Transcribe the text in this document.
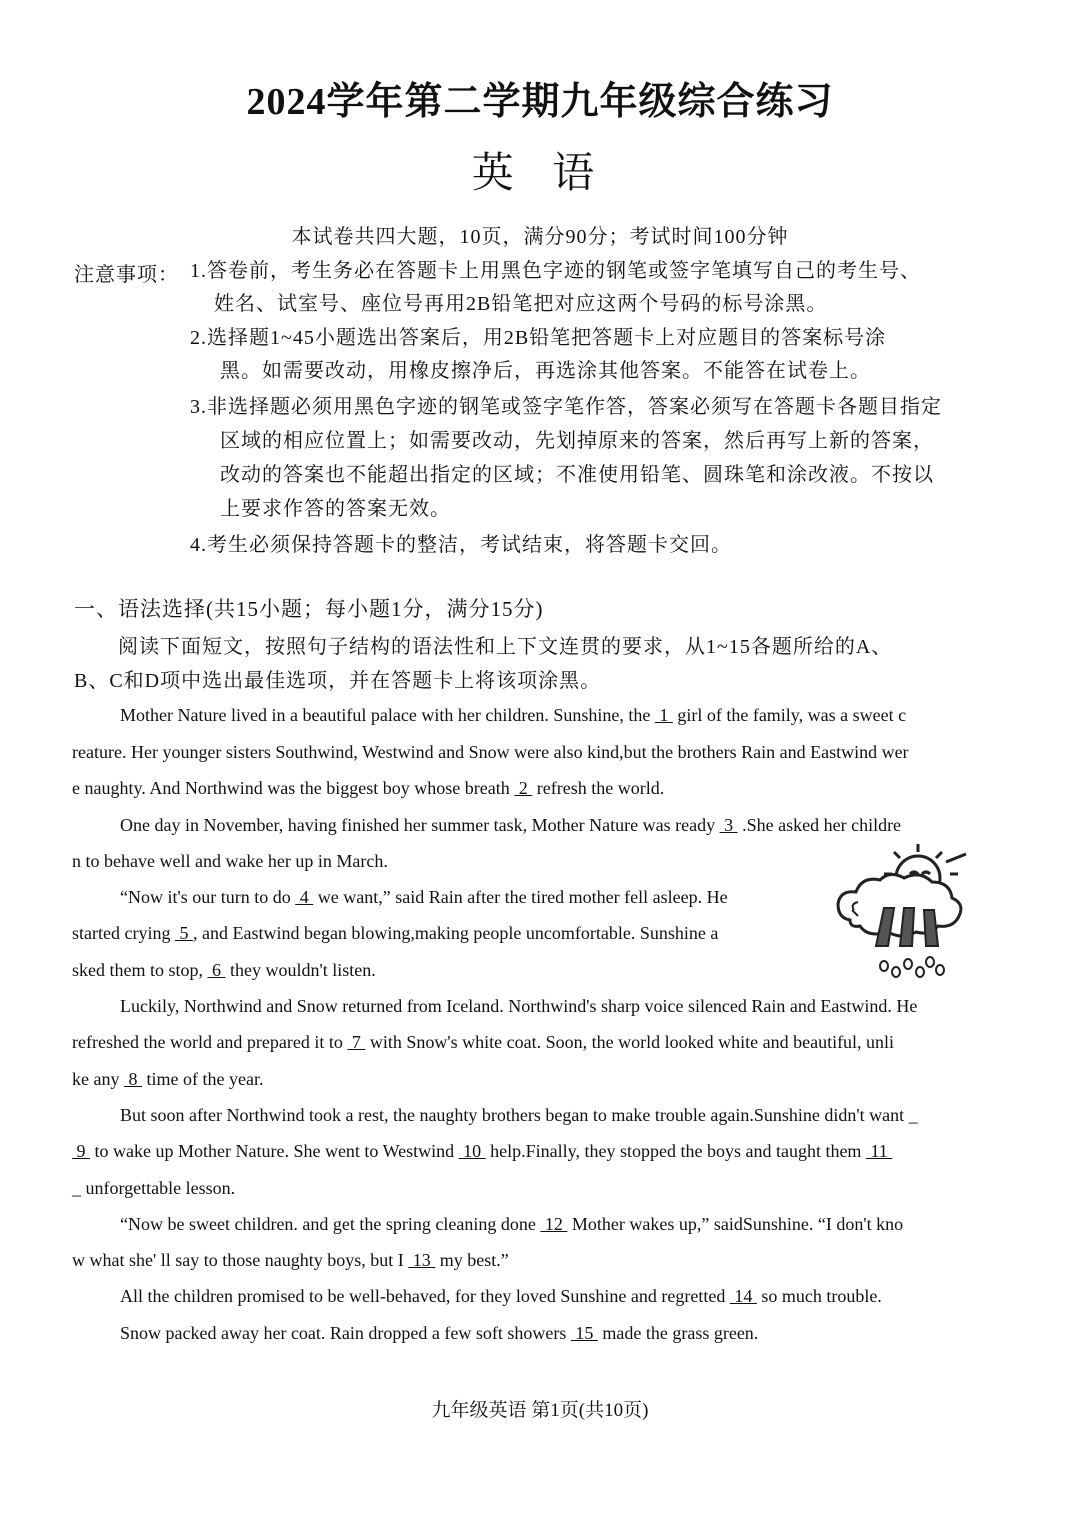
2024学年第二学期九年级综合练习
英 语
本试卷共四大题，10页，满分90分；考试时间100分钟
注意事项： 1.答卷前，考生务必在答题卡上用黑色字迹的钢笔或签字笔填写自己的考生号、
姓名、试室号、座位号再用2B铅笔把对应这两个号码的标号涂黑。
2.选择题1~45小题选出答案后，用2B铅笔把答题卡上对应题目的答案标号涂
黑。如需要改动，用橡皮擦净后，再选涂其他答案。不能答在试卷上。
3.非选择题必须用黑色字迹的钢笔或签字笔作答，答案必须写在答题卡各题目指定
区域的相应位置上；如需要改动，先划掉原来的答案，然后再写上新的答案，
改动的答案也不能超出指定的区域；不准使用铅笔、圆珠笔和涂改液。不按以
上要求作答的答案无效。
4.考生必须保持答题卡的整洁，考试结束，将答题卡交回。
一、语法选择(共15小题；每小题1分，满分15分)
阅读下面短文，按照句子结构的语法性和上下文连贯的要求，从1~15各题所给的A、
B、C和D项中选出最佳选项，并在答题卡上将该项涂黑。
Mother Nature lived in a beautiful palace with her children. Sunshine, the  1  girl of the family, was a sweet c
reature. Her younger sisters Southwind, Westwind and Snow were also kind,but the brothers Rain and Eastwind wer
e naughty. And Northwind was the biggest boy whose breath  2  refresh the world.
One day in November, having finished her summer task, Mother Nature was ready  3  .She asked her childre
n to behave well and wake her up in March.
“Now it's our turn to do  4  we want,” said Rain after the tired mother fell asleep. He
started crying  5 , and Eastwind began blowing,making people uncomfortable. Sunshine a
sked them to stop,  6  they wouldn't listen.
Luckily, Northwind and Snow returned from Iceland. Northwind's sharp voice silenced Rain and Eastwind. He
refreshed the world and prepared it to  7  with Snow's white coat. Soon, the world looked white and beautiful, unli
ke any  8  time of the year.
But soon after Northwind took a rest, the naughty brothers began to make trouble again.Sunshine didn't want _
9  to wake up Mother Nature. She went to Westwind  10  help.Finally, they stopped the boys and taught them  11
_ unforgettable lesson.
“Now be sweet children. and get the spring cleaning done  12  Mother wakes up,” saidSunshine. “I don't kno
w what she' ll say to those naughty boys, but I  13  my best.”
All the children promised to be well-behaved, for they loved Sunshine and regretted  14  so much trouble.
Snow packed away her coat. Rain dropped a few soft showers  15  made the grass green.
九年级英语 第1页(共10页)
